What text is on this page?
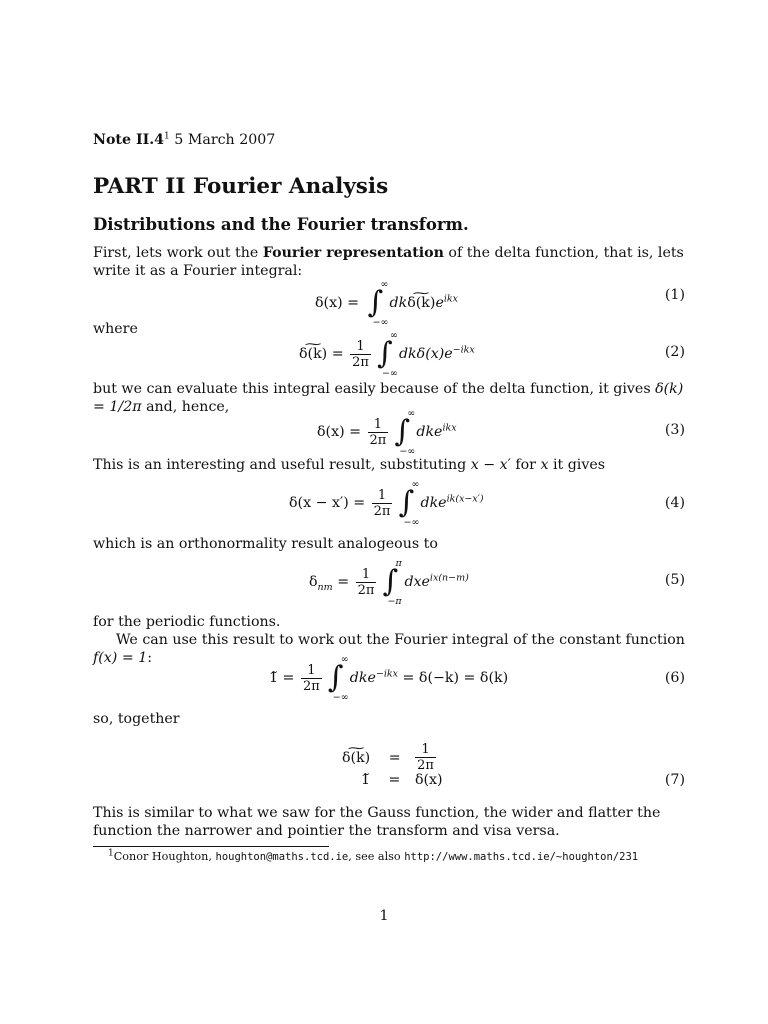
Note $II.4^1$ 5 March 2007
PART II Fourier Analysis
Distributions and the Fourier transform.
First, lets work out the Fourier representation of the delta function, that is, lets write it as a Fourier integral:
δ(x) = ∫
∞
−∞
dk∼ $\delta(k)e^{ikx}$	(1)
where
∼ $\delta(k) = \frac{1}{2\pi}$ ∫
∞
−∞
$dk\delta(x)e^{-ikx}$	(2)
but we can evaluate this integral easily because of the delta function, it gives δ(k) = 1/2π and, hence,
$\delta(x) = \frac{1}{2\pi}$ ∫
∞
−∞
dke$^{ikx}$	(3)
This is an interesting and useful result, substituting x − x′ for x it gives
$\delta(x - x') = \frac{1}{2\pi}$ ∫
∞
−∞
dke$^{ik(x-x')}$	(4)
which is an orthonormality result analogeous to
$\delta_{nm} = \frac{1}{2\pi}$ ∫
π
−π
dxe$^{ix(n-m)}$	(5)
for the periodic functions.
We can use this result to work out the Fourier integral of the constant function f(x) = 1:
1̃ = $\frac{1}{2\pi}$ ∫
∞
−∞
dke$^{-ikx}$ = δ(−k) = δ(k)	(6)
so, together
∼ $\delta(k) = \frac{1}{2\pi}$
1̃ = δ(x)	(7)
This is similar to what we saw for the Gauss function, the wider and flatter the function the narrower and pointier the transform and visa versa.
$^1$Conor Houghton, houghton@maths.tcd.ie, see also http://www.maths.tcd.ie/~houghton/231
1
